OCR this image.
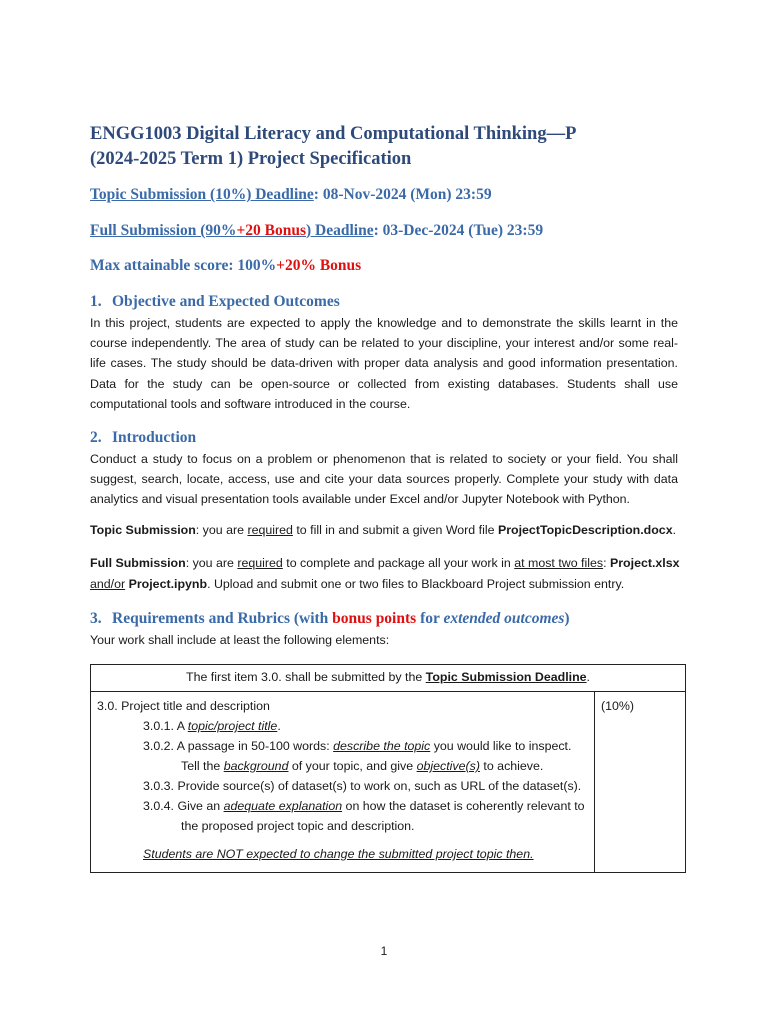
ENGG1003 Digital Literacy and Computational Thinking—P
(2024-2025 Term 1) Project Specification
Topic Submission (10%) Deadline: 08-Nov-2024 (Mon) 23:59
Full Submission (90%+20 Bonus) Deadline: 03-Dec-2024 (Tue) 23:59
Max attainable score: 100%+20% Bonus
1. Objective and Expected Outcomes
In this project, students are expected to apply the knowledge and to demonstrate the skills learnt in the course independently. The area of study can be related to your discipline, your interest and/or some real-life cases. The study should be data-driven with proper data analysis and good information presentation. Data for the study can be open-source or collected from existing databases. Students shall use computational tools and software introduced in the course.
2. Introduction
Conduct a study to focus on a problem or phenomenon that is related to society or your field. You shall suggest, search, locate, access, use and cite your data sources properly. Complete your study with data analytics and visual presentation tools available under Excel and/or Jupyter Notebook with Python.
Topic Submission: you are required to fill in and submit a given Word file ProjectTopicDescription.docx.
Full Submission: you are required to complete and package all your work in at most two files: Project.xlsx
and/or Project.ipynb. Upload and submit one or two files to Blackboard Project submission entry.
3. Requirements and Rubrics (with bonus points for extended outcomes)
Your work shall include at least the following elements:
The first item 3.0. shall be submitted by the Topic Submission Deadline.

3.0. Project title and description
3.0.1. A topic/project title.
3.0.2. A passage in 50-100 words: describe the topic you would like to inspect.
Tell the background of your topic, and give objective(s) to achieve.
3.0.3. Provide source(s) of dataset(s) to work on, such as URL of the dataset(s).
3.0.4. Give an adequate explanation on how the dataset is coherently relevant to
the proposed project topic and description.
Students are NOT expected to change the submitted project topic then.
	(10%)
1
